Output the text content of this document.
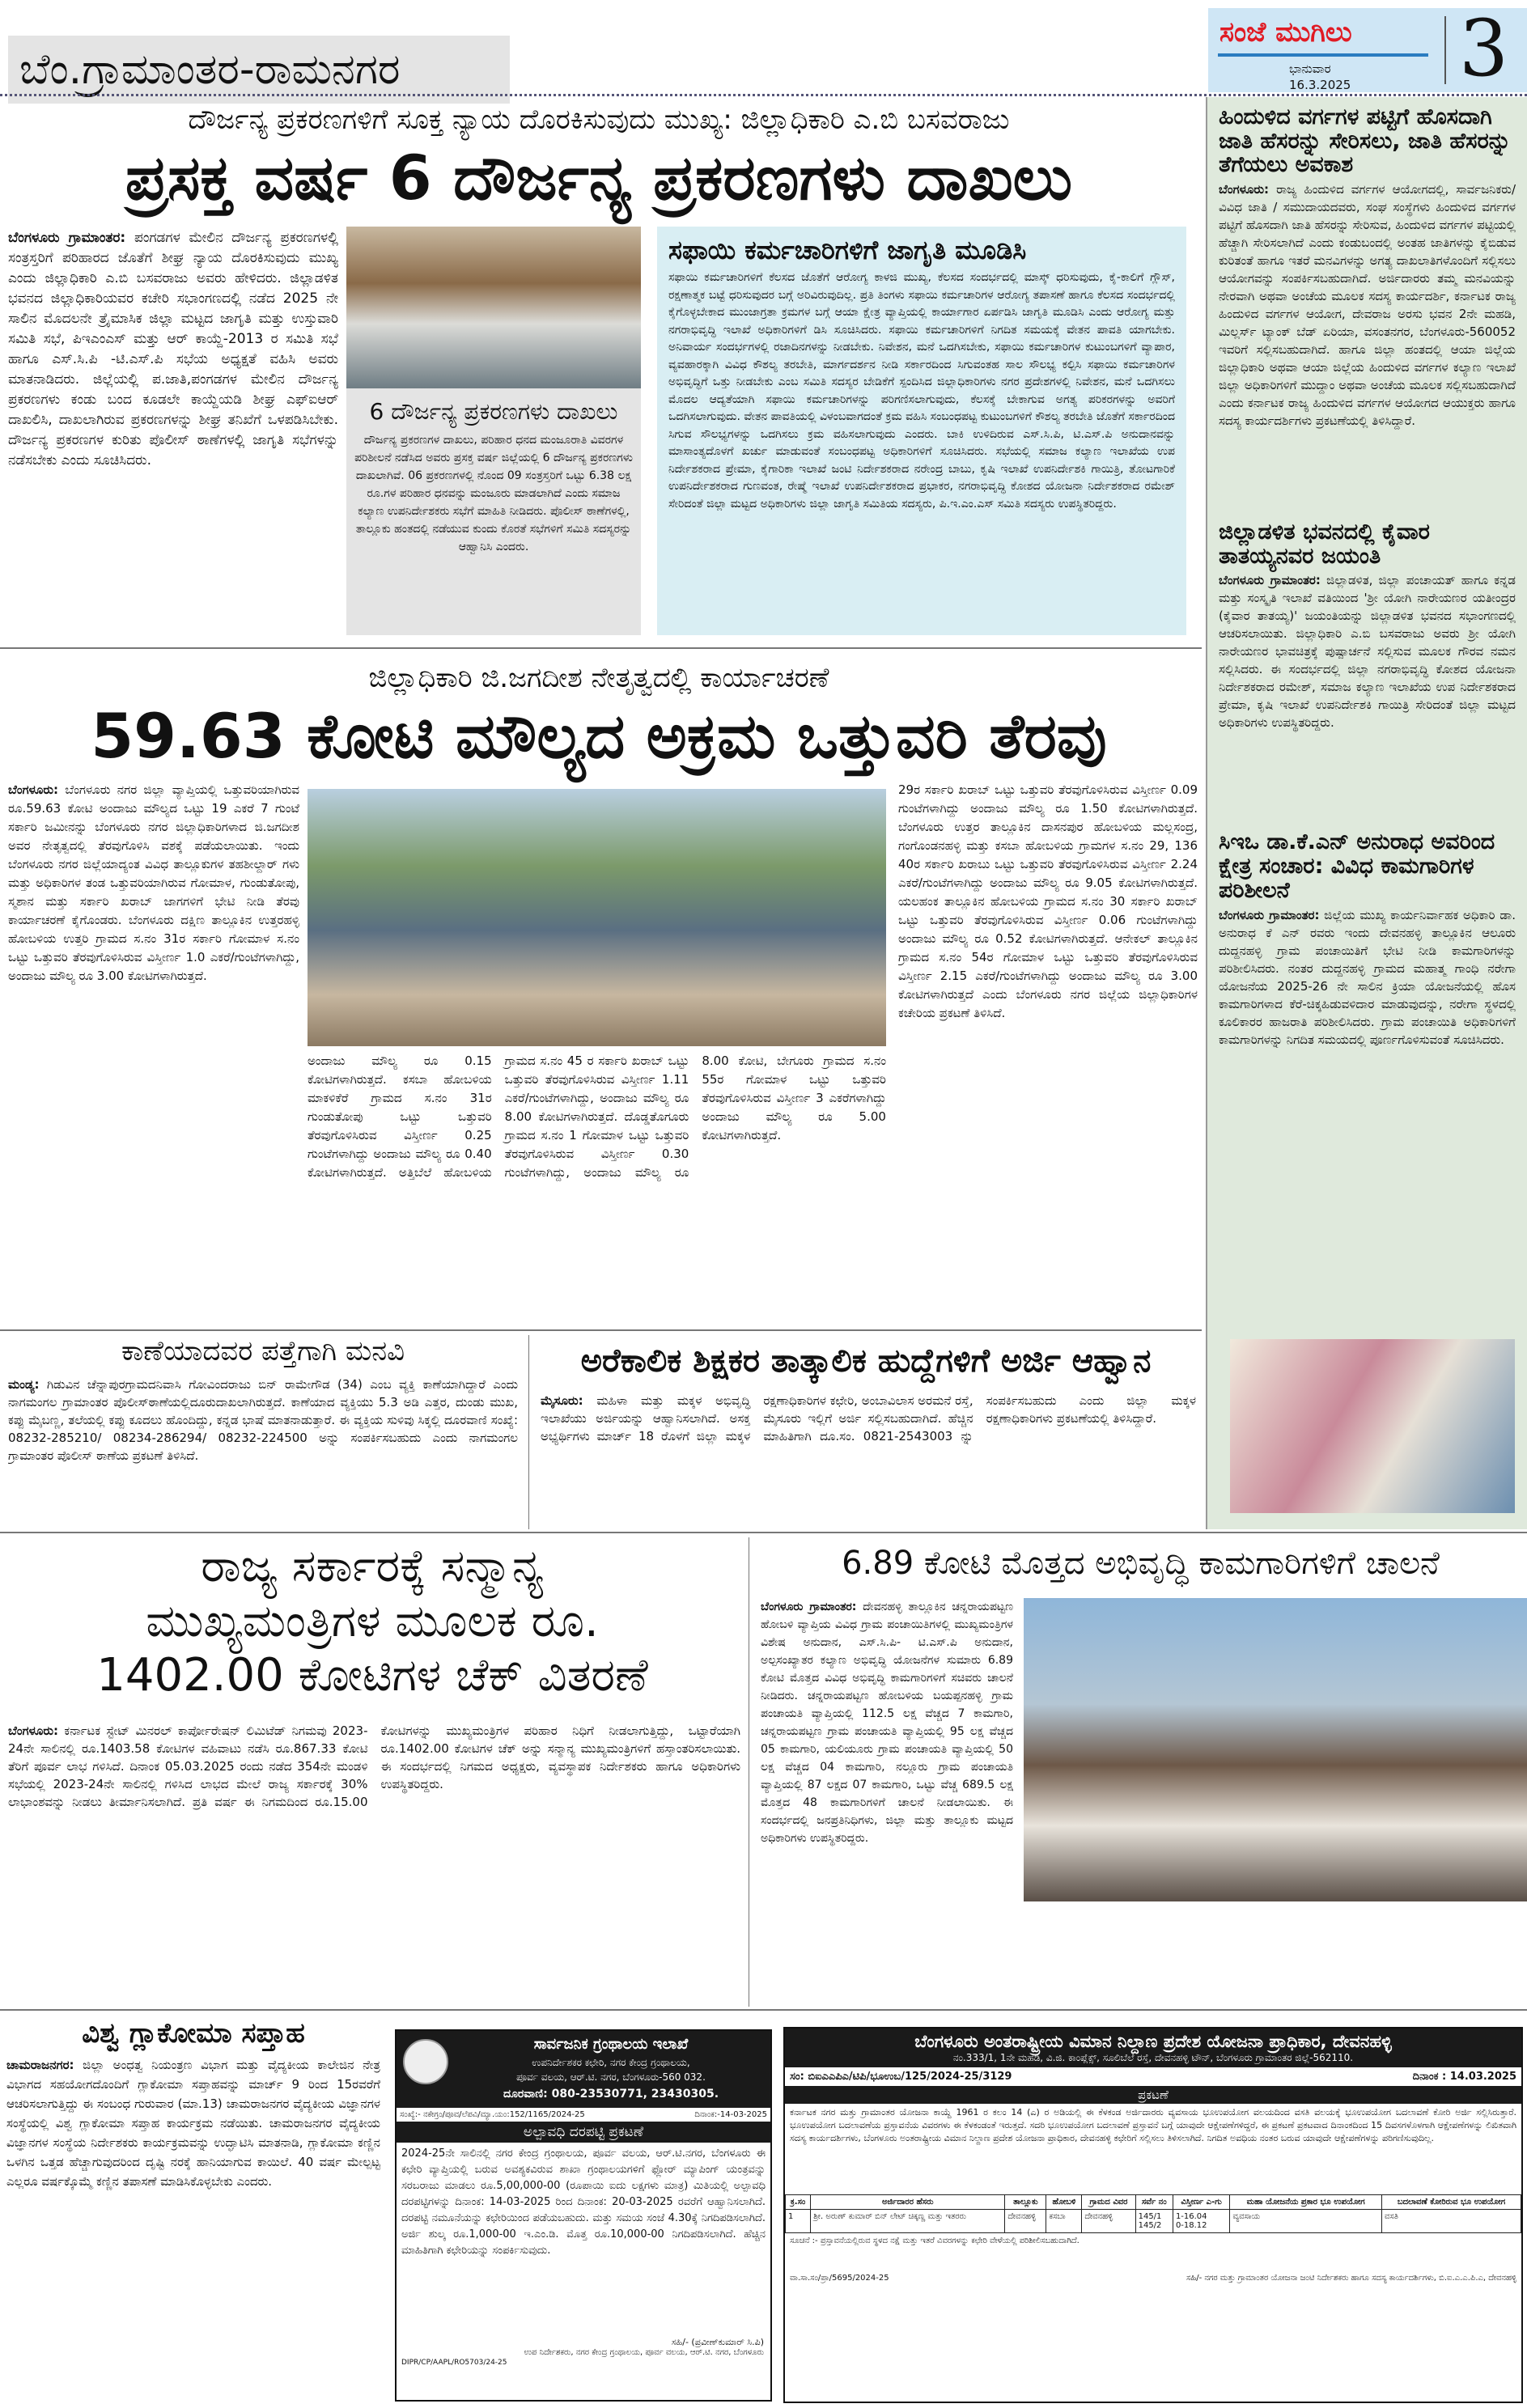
ಬೆಂ.ಗ್ರಾಮಾಂತರ-ರಾಮನಗರ
ಸಂಜೆ ಮುಗಿಲು
ಭಾನುವಾರ
16.3.2025 3
ಹಿಂದುಳಿದ ವರ್ಗಗಳ ಪಟ್ಟಿಗೆ ಹೊಸದಾಗಿ ಜಾತಿ ಹೆಸರನ್ನು ಸೇರಿಸಲು, ಜಾತಿ ಹೆಸರನ್ನು ತೆಗೆಯಲು ಅವಕಾಶ
ಬೆಂಗಳೂರು: ರಾಜ್ಯ ಹಿಂದುಳಿದ ವರ್ಗಗಳ ಆಯೋಗದಲ್ಲಿ, ಸಾರ್ವಜನಿಕರು/ ವಿವಿಧ ಜಾತಿ / ಸಮುದಾಯದವರು, ಸಂಘ ಸಂಸ್ಥೆಗಳು ಹಿಂದುಳಿದ ವರ್ಗಗಳ ಪಟ್ಟಿಗೆ ಹೊಸದಾಗಿ ಜಾತಿ ಹೆಸರನ್ನು ಸೇರಿಸುವ, ಹಿಂದುಳಿದ ವರ್ಗಗಳ ಪಟ್ಟಿಯಲ್ಲಿ ಹೆಚ್ಚಾಗಿ ಸೇರಿಸಲಾಗಿದೆ ಎಂದು ಕಂಡುಬಂದಲ್ಲಿ ಅಂತಹ ಜಾತಿಗಳನ್ನು ಕೈಬಿಡುವ ಕುರಿತಂತೆ ಹಾಗೂ ಇತರೆ ಮನವಿಗಳನ್ನು ಅಗತ್ಯ ದಾಖಲಾತಿಗಳೊಂದಿಗೆ ಸಲ್ಲಿಸಲು ಆಯೋಗವನ್ನು ಸಂಪರ್ಕಿಸಬಹುದಾಗಿದೆ. ಅರ್ಜಿದಾರರು ತಮ್ಮ ಮನವಿಯನ್ನು ನೇರವಾಗಿ ಅಥವಾ ಅಂಚೆಯ ಮೂಲಕ ಸದಸ್ಯ ಕಾರ್ಯದರ್ಶಿ, ಕರ್ನಾಟಕ ರಾಜ್ಯ ಹಿಂದುಳಿದ ವರ್ಗಗಳ ಆಯೋಗ, ದೇವರಾಜ ಅರಸು ಭವನ 2ನೇ ಮಹಡಿ, ಮಿಲ್ಲರ್ಸ್ ಟ್ಯಾಂಕ್ ಬೆಡ್ ಏರಿಯಾ, ವಸಂತನಗರ, ಬೆಂಗಳೂರು-560052 ಇವರಿಗೆ ಸಲ್ಲಿಸಬಹುದಾಗಿದೆ. ಹಾಗೂ ಜಿಲ್ಲಾ ಹಂತದಲ್ಲಿ ಆಯಾ ಜಿಲ್ಲೆಯ ಜಿಲ್ಲಾಧಿಕಾರಿ ಅಥವಾ ಆಯಾ ಜಿಲ್ಲೆಯ ಹಿಂದುಳಿದ ವರ್ಗಗಳ ಕಲ್ಯಾಣ ಇಲಾಖೆ ಜಿಲ್ಲಾ ಅಧಿಕಾರಿಗಳಿಗೆ ಮುದ್ದಾಂ ಅಥವಾ ಅಂಚೆಯ ಮೂಲಕ ಸಲ್ಲಿಸಬಹುದಾಗಿದೆ ಎಂದು ಕರ್ನಾಟಕ ರಾಜ್ಯ ಹಿಂದುಳಿದ ವರ್ಗಗಳ ಆಯೋಗದ ಆಯುಕ್ತರು ಹಾಗೂ ಸದಸ್ಯ ಕಾರ್ಯದರ್ಶಿಗಳು ಪ್ರಕಟಣೆಯಲ್ಲಿ ತಿಳಿಸಿದ್ದಾರೆ.
ಜಿಲ್ಲಾಡಳಿತ ಭವನದಲ್ಲಿ ಕೈವಾರ ತಾತಯ್ಯನವರ ಜಯಂತಿ
ಬೆಂಗಳೂರು ಗ್ರಾಮಾಂತರ: ಜಿಲ್ಲಾಡಳಿತ, ಜಿಲ್ಲಾ ಪಂಚಾಯತ್ ಹಾಗೂ ಕನ್ನಡ ಮತ್ತು ಸಂಸ್ಕೃತಿ ಇಲಾಖೆ ವತಿಯಿಂದ 'ಶ್ರೀ ಯೋಗಿ ನಾರೇಯಣರ ಯತೀಂದ್ರರ (ಕೈವಾರ ತಾತಯ್ಯ)' ಜಯಂತಿಯನ್ನು ಜಿಲ್ಲಾಡಳಿತ ಭವನದ ಸಭಾಂಗಣದಲ್ಲಿ ಆಚರಿಸಲಾಯಿತು. ಜಿಲ್ಲಾಧಿಕಾರಿ ಎ.ಬಿ ಬಸವರಾಜು ಅವರು ಶ್ರೀ ಯೋಗಿ ನಾರೇಯಣರ ಭಾವಚಿತ್ರಕ್ಕೆ ಪುಷ್ಪಾರ್ಚನೆ ಸಲ್ಲಿಸುವ ಮೂಲಕ ಗೌರವ ನಮನ ಸಲ್ಲಿಸಿದರು. ಈ ಸಂದರ್ಭದಲ್ಲಿ ಜಿಲ್ಲಾ ನಗರಾಭಿವೃದ್ಧಿ ಕೋಶದ ಯೋಜನಾ ನಿರ್ದೇಶಕರಾದ ರಮೇಶ್, ಸಮಾಜ ಕಲ್ಯಾಣ ಇಲಾಖೆಯ ಉಪ ನಿರ್ದೇಶಕರಾದ ಪ್ರೇಮಾ, ಕೃಷಿ ಇಲಾಖೆ ಉಪನಿರ್ದೇಶಕಿ ಗಾಯಿತ್ರಿ ಸೇರಿದಂತೆ ಜಿಲ್ಲಾ ಮಟ್ಟದ ಅಧಿಕಾರಿಗಳು ಉಪಸ್ಥಿತರಿದ್ದರು.
ಸಿಇಒ ಡಾ.ಕೆ.ಎನ್ ಅನುರಾಧ ಅವರಿಂದ ಕ್ಷೇತ್ರ ಸಂಚಾರ: ವಿವಿಧ ಕಾಮಗಾರಿಗಳ ಪರಿಶೀಲನೆ
ಬೆಂಗಳೂರು ಗ್ರಾಮಾಂತರ: ಜಿಲ್ಲೆಯ ಮುಖ್ಯ ಕಾರ್ಯನಿರ್ವಾಹಕ ಅಧಿಕಾರಿ ಡಾ. ಅನುರಾಧ ಕೆ ಎನ್ ರವರು ಇಂದು ದೇವನಹಳ್ಳಿ ತಾಲ್ಲೂಕಿನ ಆಲೂರು ದುದ್ದನಹಳ್ಳಿ ಗ್ರಾಮ ಪಂಚಾಯಿತಿಗೆ ಭೇಟಿ ನೀಡಿ ಕಾಮಗಾರಿಗಳನ್ನು ಪರಿಶೀಲಿಸಿದರು. ನಂತರ ದುದ್ದನಹಳ್ಳಿ ಗ್ರಾಮದ ಮಹಾತ್ಮ ಗಾಂಧಿ ನರೇಗಾ ಯೋಜನೆಯ 2025-26 ನೇ ಸಾಲಿನ ಕ್ರಿಯಾ ಯೋಜನೆಯಲ್ಲಿ ಹೊಸ ಕಾಮಗಾರಿಗಳಾದ ಕೆರೆ-ಚಿಕ್ಕಹಿಡುವಳಿದಾರ ಮಾಡುವುದನ್ನು, ನರೇಗಾ ಸ್ಥಳದಲ್ಲಿ ಕೂಲಿಕಾರರ ಹಾಜರಾತಿ ಪರಿಶೀಲಿಸಿದರು. ಗ್ರಾಮ ಪಂಚಾಯಿತಿ ಅಧಿಕಾರಿಗಳಿಗೆ ಕಾಮಗಾರಿಗಳನ್ನು ನಿಗದಿತ ಸಮಯದಲ್ಲಿ ಪೂರ್ಣಗೊಳಿಸುವಂತೆ ಸೂಚಿಸಿದರು.
ದೌರ್ಜನ್ಯ ಪ್ರಕರಣಗಳಿಗೆ ಸೂಕ್ತ ನ್ಯಾಯ ದೊರಕಿಸುವುದು ಮುಖ್ಯ: ಜಿಲ್ಲಾಧಿಕಾರಿ ಎ.ಬಿ ಬಸವರಾಜು
ಪ್ರಸಕ್ತ ವರ್ಷ 6 ದೌರ್ಜನ್ಯ ಪ್ರಕರಣಗಳು ದಾಖಲು
ಬೆಂಗಳೂರು ಗ್ರಾಮಾಂತರ: ಪಂಗಡಗಳ ಮೇಲಿನ ದೌರ್ಜನ್ಯ ಪ್ರಕರಣಗಳಲ್ಲಿ ಸಂತ್ರಸ್ತರಿಗೆ ಪರಿಹಾರದ ಜೊತೆಗೆ ಶೀಘ್ರ ನ್ಯಾಯ ದೊರಕಿಸುವುದು ಮುಖ್ಯ ಎಂದು ಜಿಲ್ಲಾಧಿಕಾರಿ ಎ.ಬಿ ಬಸವರಾಜು ಅವರು ಹೇಳಿದರು. ಜಿಲ್ಲಾಡಳಿತ ಭವನದ ಜಿಲ್ಲಾಧಿಕಾರಿಯವರ ಕಚೇರಿ ಸಭಾಂಗಣದಲ್ಲಿ ನಡೆದ 2025 ನೇ ಸಾಲಿನ ಮೊದಲನೇ ತ್ರೈಮಾಸಿಕ ಜಿಲ್ಲಾ ಮಟ್ಟದ ಜಾಗೃತಿ ಮತ್ತು ಉಸ್ತುವಾರಿ ಸಮಿತಿ ಸಭೆ, ಪಿಇಎಂಎಸ್ ಮತ್ತು ಆರ್ ಕಾಯ್ದೆ-2013 ರ ಸಮಿತಿ ಸಭೆ ಹಾಗೂ ಎಸ್.ಸಿ.ಪಿ -ಟಿ.ಎಸ್.ಪಿ ಸಭೆಯ ಅಧ್ಯಕ್ಷತೆ ವಹಿಸಿ ಅವರು ಮಾತನಾಡಿದರು. ಜಿಲ್ಲೆಯಲ್ಲಿ ಪ.ಜಾತಿ,ಪಂಗಡಗಳ ಮೇಲಿನ ದೌರ್ಜನ್ಯ ಪ್ರಕರಣಗಳು ಕಂಡು ಬಂದ ಕೂಡಲೇ ಕಾಯ್ದೆಯಡಿ ಶೀಘ್ರ ಎಫ್ಐಆರ್ ದಾಖಲಿಸಿ, ದಾಖಲಾಗಿರುವ ಪ್ರಕರಣಗಳನ್ನು ಶೀಘ್ರ ತನಿಖೆಗೆ ಒಳಪಡಿಸಿಬೇಕು. ದೌರ್ಜನ್ಯ ಪ್ರಕರಣಗಳ ಕುರಿತು ಪೊಲೀಸ್ ಠಾಣೆಗಳಲ್ಲಿ ಜಾಗೃತಿ ಸಭೆಗಳನ್ನು ನಡೆಸಬೇಕು ಎಂದು ಸೂಚಿಸಿದರು.
6 ದೌರ್ಜನ್ಯ ಪ್ರಕರಣಗಳು ದಾಖಲು
ದೌರ್ಜನ್ಯ ಪ್ರಕರಣಗಳ ದಾಖಲು, ಪರಿಹಾರ ಧನದ ಮಂಜೂರಾತಿ ವಿವರಗಳ ಪರಿಶೀಲನೆ ನಡೆಸಿದ ಅವರು ಪ್ರಸಕ್ತ ವರ್ಷ ಜಿಲ್ಲೆಯಲ್ಲಿ 6 ದೌರ್ಜನ್ಯ ಪ್ರಕರಣಗಳು ದಾಖಲಾಗಿವೆ. 06 ಪ್ರಕರಣಗಳಲ್ಲಿ ನೊಂದ 09 ಸಂತ್ರಸ್ತರಿಗೆ ಒಟ್ಟು 6.38 ಲಕ್ಷ ರೂ.ಗಳ ಪರಿಹಾರ ಧನವನ್ನು ಮಂಜೂರು ಮಾಡಲಾಗಿದೆ ಎಂದು ಸಮಾಜ ಕಲ್ಯಾಣ ಉಪನಿರ್ದೇಶಕರು ಸಭೆಗೆ ಮಾಹಿತಿ ನೀಡಿದರು. ಪೊಲೀಸ್ ಠಾಣೆಗಳಲ್ಲಿ, ತಾಲ್ಲೂಕು ಹಂತದಲ್ಲಿ ನಡೆಯುವ ಕುಂದು ಕೊರತೆ ಸಭೆಗಳಿಗೆ ಸಮಿತಿ ಸದಸ್ಯರನ್ನು ಆಹ್ವಾನಿಸಿ ಎಂದರು.
ಸಫಾಯಿ ಕರ್ಮಚಾರಿಗಳಿಗೆ ಜಾಗೃತಿ ಮೂಡಿಸಿ
ಸಫಾಯಿ ಕರ್ಮಚಾರಿಗಳಿಗೆ ಕೆಲಸದ ಜೊತೆಗೆ ಆರೋಗ್ಯ ಕಾಳಜಿ ಮುಖ್ಯ, ಕೆಲಸದ ಸಂದರ್ಭದಲ್ಲಿ ಮಾಸ್ಕ್ ಧರಿಸುವುದು, ಕೈ-ಕಾಲಿಗೆ ಗ್ಲೌಸ್, ರಕ್ಷಣಾತ್ಮಕ ಬಟ್ಟೆ ಧರಿಸುವುದರ ಬಗ್ಗೆ ಅರಿವಿರುವುದಿಲ್ಲ. ಪ್ರತಿ ತಿಂಗಳು ಸಫಾಯಿ ಕರ್ಮಚಾರಿಗಳ ಆರೋಗ್ಯ ತಪಾಸಣೆ ಹಾಗೂ ಕೆಲಸದ ಸಂದರ್ಭದಲ್ಲಿ ಕೈಗೊಳ್ಳಬೇಕಾದ ಮುಂಜಾಗ್ರತಾ ಕ್ರಮಗಳ ಬಗ್ಗೆ ಆಯಾ ಕ್ಷೇತ್ರ ವ್ಯಾಪ್ತಿಯಲ್ಲಿ ಕಾರ್ಯಾಗಾರ ಏರ್ಪಡಿಸಿ ಜಾಗೃತಿ ಮೂಡಿಸಿ ಎಂದು ಆರೋಗ್ಯ ಮತ್ತು ನಗರಾಭಿವೃದ್ಧಿ ಇಲಾಖೆ ಅಧಿಕಾರಿಗಳಿಗೆ ಡಿಸಿ ಸೂಚಿಸಿದರು. ಸಫಾಯಿ ಕರ್ಮಚಾರಿಗಳಿಗೆ ನಿಗದಿತ ಸಮಯಕ್ಕೆ ವೇತನ ಪಾವತಿ ಯಾಗಬೇಕು. ಅನಿವಾರ್ಯ ಸಂದರ್ಭಗಳಲ್ಲಿ ರಜಾದಿನಗಳನ್ನು ನೀಡಬೇಕು. ನಿವೇಶನ, ಮನೆ ಒದಗಿಸಬೇಕು, ಸಫಾಯಿ ಕರ್ಮಚಾರಿಗಳ ಕುಟುಂಬಗಳಿಗೆ ವ್ಯಾಪಾರ, ವ್ಯವಹಾರಕ್ಕಾಗಿ ವಿವಿಧ ಕೌಶಲ್ಯ ತರಬೇತಿ, ಮಾರ್ಗದರ್ಶನ ನೀಡಿ ಸರ್ಕಾರದಿಂದ ಸಿಗುವಂತಹ ಸಾಲ ಸೌಲಭ್ಯ ಕಲ್ಪಿಸಿ ಸಫಾಯಿ ಕರ್ಮಚಾರಿಗಳ ಅಭಿವೃದ್ಧಿಗೆ ಒತ್ತು ನೀಡಬೇಕು ಎಂಬ ಸಮಿತಿ ಸದಸ್ಯರ ಬೇಡಿಕೆಗೆ ಸ್ಪಂದಿಸಿದ ಜಿಲ್ಲಾಧಿಕಾರಿಗಳು ನಗರ ಪ್ರದೇಶಗಳಲ್ಲಿ ನಿವೇಶನ, ಮನೆ ಒದಗಿಸಲು ಮೊದಲ ಆದ್ಯತೆಯಾಗಿ ಸಫಾಯಿ ಕರ್ಮಚಾರಿಗಳನ್ನು ಪರಿಗಣಿಸಲಾಗುವುದು, ಕೆಲಸಕ್ಕೆ ಬೇಕಾಗುವ ಅಗತ್ಯ ಪರಿಕರಗಳನ್ನು ಅವರಿಗೆ ಒದಗಿಸಲಾಗುವುದು. ವೇತನ ಪಾವತಿಯಲ್ಲಿ ವಿಳಂಬವಾಗದಂತೆ ಕ್ರಮ ವಹಿಸಿ ಸಂಬಂಧಪಟ್ಟ ಕುಟುಂಬಗಳಿಗೆ ಕೌಶಲ್ಯ ತರಬೇತಿ ಜೊತೆಗೆ ಸರ್ಕಾರದಿಂದ ಸಿಗುವ ಸೌಲಭ್ಯಗಳನ್ನು ಒದಗಿಸಲು ಕ್ರಮ ವಹಿಸಲಾಗುವುದು ಎಂದರು. ಬಾಕಿ ಉಳಿದಿರುವ ಎಸ್.ಸಿ.ಪಿ, ಟಿ.ಎಸ್.ಪಿ ಅನುದಾನವನ್ನು ಮಾಸಾಂತ್ಯದೊಳಗೆ ಖರ್ಚು ಮಾಡುವಂತೆ ಸಂಬಂಧಪಟ್ಟ ಅಧಿಕಾರಿಗಳಿಗೆ ಸೂಚಿಸಿದರು. ಸಭೆಯಲ್ಲಿ ಸಮಾಜ ಕಲ್ಯಾಣ ಇಲಾಖೆಯ ಉಪ ನಿರ್ದೇಶಕರಾದ ಪ್ರೇಮಾ, ಕೈಗಾರಿಕಾ ಇಲಾಖೆ ಜಂಟಿ ನಿರ್ದೇಶಕರಾದ ನರೇಂದ್ರ ಬಾಬು, ಕೃಷಿ ಇಲಾಖೆ ಉಪನಿರ್ದೇಶಕಿ ಗಾಯಿತ್ರಿ, ತೋಟಗಾರಿಕೆ ಉಪನಿರ್ದೇಶಕರಾದ ಗುಣವಂತ, ರೇಷ್ಮೆ ಇಲಾಖೆ ಉಪನಿರ್ದೇಶಕರಾದ ಪ್ರಭಾಕರ, ನಗರಾಭಿವೃದ್ಧಿ ಕೋಶದ ಯೋಜನಾ ನಿರ್ದೇಶಕರಾದ ರಮೇಶ್ ಸೇರಿದಂತೆ ಜಿಲ್ಲಾ ಮಟ್ಟದ ಅಧಿಕಾರಿಗಳು ಜಿಲ್ಲಾ ಜಾಗೃತಿ ಸಮಿತಿಯ ಸದಸ್ಯರು, ಪಿ.ಇ.ಎಂ.ಎಸ್ ಸಮಿತಿ ಸದಸ್ಯರು ಉಪಸ್ಥಿತರಿದ್ದರು.
ಜಿಲ್ಲಾಧಿಕಾರಿ ಜಿ.ಜಗದೀಶ ನೇತೃತ್ವದಲ್ಲಿ ಕಾರ್ಯಾಚರಣೆ
59.63 ಕೋಟಿ ಮೌಲ್ಯದ ಅಕ್ರಮ ಒತ್ತುವರಿ ತೆರವು
ಬೆಂಗಳೂರು: ಬೆಂಗಳೂರು ನಗರ ಜಿಲ್ಲಾ ವ್ಯಾಪ್ತಿಯಲ್ಲಿ ಒತ್ತುವರಿಯಾಗಿರುವ ರೂ.59.63 ಕೋಟಿ ಅಂದಾಜು ಮೌಲ್ಯದ ಒಟ್ಟು 19 ಎಕರೆ 7 ಗುಂಟೆ ಸರ್ಕಾರಿ ಜಮೀನನ್ನು ಬೆಂಗಳೂರು ನಗರ ಜಿಲ್ಲಾಧಿಕಾರಿಗಳಾದ ಜಿ.ಜಗದೀಶ ಅವರ ನೇತೃತ್ವದಲ್ಲಿ ತೆರವುಗೊಳಿಸಿ ವಶಕ್ಕೆ ಪಡೆಯಲಾಯಿತು. ಇಂದು ಬೆಂಗಳೂರು ನಗರ ಜಿಲ್ಲೆಯಾದ್ಯಂತ ವಿವಿಧ ತಾಲ್ಲೂಕುಗಳ ತಹಶೀಲ್ದಾರ್ ಗಳು ಮತ್ತು ಅಧಿಕಾರಿಗಳ ತಂಡ ಒತ್ತುವರಿಯಾಗಿರುವ ಗೋಮಾಳ, ಗುಂಡುತೋಪು, ಸ್ಮಶಾನ ಮತ್ತು ಸರ್ಕಾರಿ ಖರಾಬ್ ಜಾಗಗಳಿಗೆ ಭೇಟಿ ನೀಡಿ ತೆರವು ಕಾರ್ಯಾಚರಣೆ ಕೈಗೊಂಡರು. ಬೆಂಗಳೂರು ದಕ್ಷಿಣ ತಾಲ್ಲೂಕಿನ ಉತ್ತರಹಳ್ಳಿ ಹೋಬಳಿಯ ಉತ್ತರಿ ಗ್ರಾಮದ ಸ.ನಂ 31ರ ಸರ್ಕಾರಿ ಗೋಮಾಳ ಸ.ನಂ ಒಟ್ಟು ಒತ್ತುವರಿ ತೆರವುಗೊಳಿಸಿರುವ ವಿಸ್ತೀರ್ಣ 1.0 ಎಕರೆ/ಗುಂಟೆಗಳಾಗಿದ್ದು, ಅಂದಾಜು ಮೌಲ್ಯ ರೂ 3.00 ಕೋಟಿಗಳಾಗಿರುತ್ತದೆ.
ಅಂದಾಜು ಮೌಲ್ಯ ರೂ 0.15 ಕೋಟಿಗಳಾಗಿರುತ್ತದೆ. ಕಸಬಾ ಹೋಬಳಿಯ ಮಾಕಳಿಕೆರೆ ಗ್ರಾಮದ ಸ.ನಂ 31ರ ಗುಂಡುತೋಪು ಒಟ್ಟು ಒತ್ತುವರಿ ತೆರವುಗೊಳಿಸಿರುವ ವಿಸ್ತೀರ್ಣ 0.25 ಗುಂಟೆಗಳಾಗಿದ್ದು ಅಂದಾಜು ಮೌಲ್ಯ ರೂ 0.40 ಕೋಟಿಗಳಾಗಿರುತ್ತದೆ. ಅತ್ತಿಬೆಲೆ ಹೋಬಳಿಯ ಗ್ರಾಮದ ಸ.ನಂ 45 ರ ಸರ್ಕಾರಿ ಖರಾಬ್ ಒಟ್ಟು ಒತ್ತುವರಿ ತೆರವುಗೊಳಿಸಿರುವ ವಿಸ್ತೀರ್ಣ 1.11 ಎಕರೆ/ಗುಂಟೆಗಳಾಗಿದ್ದು, ಅಂದಾಜು ಮೌಲ್ಯ ರೂ 8.00 ಕೋಟಿಗಳಾಗಿರುತ್ತದೆ. ದೊಡ್ಡತೊಗೂರು ಗ್ರಾಮದ ಸ.ನಂ 1 ಗೋಮಾಳ ಒಟ್ಟು ಒತ್ತುವರಿ ತೆರವುಗೊಳಿಸಿರುವ ವಿಸ್ತೀರ್ಣ 0.30 ಗುಂಟೆಗಳಾಗಿದ್ದು, ಅಂದಾಜು ಮೌಲ್ಯ ರೂ 8.00 ಕೋಟಿ, ಬೇಗೂರು ಗ್ರಾಮದ ಸ.ನಂ 55ರ ಗೋಮಾಳ ಒಟ್ಟು ಒತ್ತುವರಿ ತೆರವುಗೊಳಿಸಿರುವ ವಿಸ್ತೀರ್ಣ 3 ಎಕರೆಗಳಾಗಿದ್ದು ಅಂದಾಜು ಮೌಲ್ಯ ರೂ 5.00 ಕೋಟಿಗಳಾಗಿರುತ್ತದೆ.
29ರ ಸರ್ಕಾರಿ ಖರಾಬ್ ಒಟ್ಟು ಒತ್ತುವರಿ ತೆರವುಗೊಳಿಸಿರುವ ವಿಸ್ತೀರ್ಣ 0.09 ಗುಂಟೆಗಳಾಗಿದ್ದು ಅಂದಾಜು ಮೌಲ್ಯ ರೂ 1.50 ಕೋಟಿಗಳಾಗಿರುತ್ತದೆ. ಬೆಂಗಳೂರು ಉತ್ತರ ತಾಲ್ಲೂಕಿನ ದಾಸನಪುರ ಹೋಬಳಿಯ ಮಲ್ಲಸಂದ್ರ, ಗಂಗೊಂಡನಹಳ್ಳಿ ಮತ್ತು ಕಸಬಾ ಹೋಬಳಿಯ ಗ್ರಾಮಗಳ ಸ.ನಂ 29, 136 40ರ ಸರ್ಕಾರಿ ಖರಾಬು ಒಟ್ಟು ಒತ್ತುವರಿ ತೆರವುಗೊಳಿಸಿರುವ ವಿಸ್ತೀರ್ಣ 2.24 ಎಕರೆ/ಗುಂಟೆಗಳಾಗಿದ್ದು ಅಂದಾಜು ಮೌಲ್ಯ ರೂ 9.05 ಕೋಟಿಗಳಾಗಿರುತ್ತದೆ. ಯಲಹಂಕ ತಾಲ್ಲೂಕಿನ ಹೋಬಳಿಯ ಗ್ರಾಮದ ಸ.ನಂ 30 ಸರ್ಕಾರಿ ಖರಾಬ್ ಒಟ್ಟು ಒತ್ತುವರಿ ತೆರವುಗೊಳಿಸಿರುವ ವಿಸ್ತೀರ್ಣ 0.06 ಗುಂಟೆಗಳಾಗಿದ್ದು ಅಂದಾಜು ಮೌಲ್ಯ ರೂ 0.52 ಕೋಟಿಗಳಾಗಿರುತ್ತದೆ. ಆನೇಕಲ್ ತಾಲ್ಲೂಕಿನ ಗ್ರಾಮದ ಸ.ನಂ 54ರ ಗೋಮಾಳ ಒಟ್ಟು ಒತ್ತುವರಿ ತೆರವುಗೊಳಿಸಿರುವ ವಿಸ್ತೀರ್ಣ 2.15 ಎಕರೆ/ಗುಂಟೆಗಳಾಗಿದ್ದು ಅಂದಾಜು ಮೌಲ್ಯ ರೂ 3.00 ಕೋಟಿಗಳಾಗಿರುತ್ತದೆ ಎಂದು ಬೆಂಗಳೂರು ನಗರ ಜಿಲ್ಲೆಯ ಜಿಲ್ಲಾಧಿಕಾರಿಗಳ ಕಚೇರಿಯ ಪ್ರಕಟಣೆ ತಿಳಿಸಿದೆ.
ಕಾಣೆಯಾದವರ ಪತ್ತೆಗಾಗಿ ಮನವಿ
ಮಂಡ್ಯ: ಗಿಡುವಿನ ಚೆನ್ನಾಪುರಗ್ರಾಮದನಿವಾಸಿ ಗೋವಿಂದರಾಜು ಬಿನ್ ರಾಮೇಗೌಡ (34) ಎಂಬ ವ್ಯಕ್ತಿ ಕಾಣೆಯಾಗಿದ್ದಾರೆ ಎಂದು ನಾಗಮಂಗಲ ಗ್ರಾಮಾಂತರ ಪೊಲೀಸ್‌ಠಾಣೆಯಲ್ಲಿದೂರುದಾಖಲಾಗಿರುತ್ತದೆ. ಕಾಣೆಯಾದ ವ್ಯಕ್ತಿಯು 5.3 ಅಡಿ ಎತ್ತರ, ದುಂಡು ಮುಖ, ಕಪ್ಪು ಮೈಬಣ್ಣ, ತಲೆಯಲ್ಲಿ ಕಪ್ಪು ಕೂದಲು ಹೊಂದಿದ್ದು, ಕನ್ನಡ ಭಾಷೆ ಮಾತನಾಡುತ್ತಾರೆ. ಈ ವ್ಯಕ್ತಿಯ ಸುಳಿವು ಸಿಕ್ಕಲ್ಲಿ ದೂರವಾಣಿ ಸಂಖ್ಯೆ: 08232-285210/ 08234-286294/ 08232-224500 ಅನ್ನು ಸಂಪರ್ಕಿಸಬಹುದು ಎಂದು ನಾಗಮಂಗಲ ಗ್ರಾಮಾಂತರ ಪೊಲೀಸ್ ಠಾಣೆಯ ಪ್ರಕಟಣೆ ತಿಳಿಸಿದೆ.
ಅರೆಕಾಲಿಕ ಶಿಕ್ಷಕರ ತಾತ್ಕಾಲಿಕ ಹುದ್ದೆಗಳಿಗೆ ಅರ್ಜಿ ಆಹ್ವಾನ
ಮೈಸೂರು: ಮಹಿಳಾ ಮತ್ತು ಮಕ್ಕಳ ಅಭಿವೃದ್ಧಿ ಇಲಾಖೆಯು ಅರ್ಜಿಯನ್ನು ಆಹ್ವಾನಿಸಲಾಗಿದೆ. ಅಸಕ್ತ ಅಭ್ಯರ್ಥಿಗಳು ಮಾರ್ಚ್ 18 ರೊಳಗೆ ಜಿಲ್ಲಾ ಮಕ್ಕಳ ರಕ್ಷಣಾಧಿಕಾರಿಗಳ ಕಛೇರಿ, ಅಂಬಾವಿಲಾಸ ಅರಮನೆ ರಸ್ತೆ, ಮೈಸೂರು ಇಲ್ಲಿಗೆ ಅರ್ಜಿ ಸಲ್ಲಿಸಬಹುದಾಗಿದೆ. ಹೆಚ್ಚಿನ ಮಾಹಿತಿಗಾಗಿ ದೂ.ಸಂ. 0821-2543003 ನ್ನು ಸಂಪರ್ಕಿಸಬಹುದು ಎಂದು ಜಿಲ್ಲಾ ಮಕ್ಕಳ ರಕ್ಷಣಾಧಿಕಾರಿಗಳು ಪ್ರಕಟಣೆಯಲ್ಲಿ ತಿಳಿಸಿದ್ದಾರೆ.
ರಾಜ್ಯ ಸರ್ಕಾರಕ್ಕೆ ಸನ್ಮಾನ್ಯ
ಮುಖ್ಯಮಂತ್ರಿಗಳ ಮೂಲಕ ರೂ.
1402.00 ಕೋಟಿಗಳ ಚೆಕ್ ವಿತರಣೆ
ಬೆಂಗಳೂರು: ಕರ್ನಾಟಕ ಸ್ಟೇಟ್ ಮಿನರಲ್ ಕಾರ್ಪೋರೇಷನ್ ಲಿಮಿಟೆಡ್ ನಿಗಮವು 2023-24ನೇ ಸಾಲಿನಲ್ಲಿ ರೂ.1403.58 ಕೋಟಿಗಳ ವಹಿವಾಟು ನಡೆಸಿ ರೂ.867.33 ಕೋಟಿ ತೆರಿಗೆ ಪೂರ್ವ ಲಾಭ ಗಳಿಸಿದೆ. ದಿನಾಂಕ 05.03.2025 ರಂದು ನಡೆದ 354ನೇ ಮಂಡಳಿ ಸಭೆಯಲ್ಲಿ 2023-24ನೇ ಸಾಲಿನಲ್ಲಿ ಗಳಿಸಿದ ಲಾಭದ ಮೇಲೆ ರಾಜ್ಯ ಸರ್ಕಾರಕ್ಕೆ 30% ಲಾಭಾಂಶವನ್ನು ನೀಡಲು ತೀರ್ಮಾನಿಸಲಾಗಿದೆ. ಪ್ರತಿ ವರ್ಷ ಈ ನಿಗಮದಿಂದ ರೂ.15.00 ಕೋಟಿಗಳನ್ನು ಮುಖ್ಯಮಂತ್ರಿಗಳ ಪರಿಹಾರ ನಿಧಿಗೆ ನೀಡಲಾಗುತ್ತಿದ್ದು, ಒಟ್ಟಾರೆಯಾಗಿ ರೂ.1402.00 ಕೋಟಿಗಳ ಚೆಕ್ ಅನ್ನು ಸನ್ಮಾನ್ಯ ಮುಖ್ಯಮಂತ್ರಿಗಳಿಗೆ ಹಸ್ತಾಂತರಿಸಲಾಯಿತು. ಈ ಸಂದರ್ಭದಲ್ಲಿ ನಿಗಮದ ಅಧ್ಯಕ್ಷರು, ವ್ಯವಸ್ಥಾಪಕ ನಿರ್ದೇಶಕರು ಹಾಗೂ ಅಧಿಕಾರಿಗಳು ಉಪಸ್ಥಿತರಿದ್ದರು.
6.89 ಕೋಟಿ ಮೊತ್ತದ ಅಭಿವೃದ್ಧಿ ಕಾಮಗಾರಿಗಳಿಗೆ ಚಾಲನೆ
ಬೆಂಗಳೂರು ಗ್ರಾಮಾಂತರ: ದೇವನಹಳ್ಳಿ ತಾಲ್ಲೂಕಿನ ಚನ್ನರಾಯಪಟ್ಟಣ ಹೋಬಳಿ ವ್ಯಾಪ್ತಿಯ ವಿವಿಧ ಗ್ರಾಮ ಪಂಚಾಯಿತಿಗಳಲ್ಲಿ ಮುಖ್ಯಮಂತ್ರಿಗಳ ವಿಶೇಷ ಅನುದಾನ, ಎಸ್.ಸಿ.ಪಿ- ಟಿ.ಎಸ್.ಪಿ ಅನುದಾನ, ಅಲ್ಪಸಂಖ್ಯಾತರ ಕಲ್ಯಾಣ ಅಭಿವೃದ್ಧಿ ಯೋಜನೆಗಳ ಸುಮಾರು 6.89 ಕೋಟಿ ಮೊತ್ತದ ವಿವಿಧ ಅಭಿವೃದ್ಧಿ ಕಾಮಗಾರಿಗಳಿಗೆ ಸಚಿವರು ಚಾಲನೆ ನೀಡಿದರು. ಚನ್ನರಾಯಪಟ್ಟಣ ಹೋಬಳಿಯ ಬಯಪ್ಪನಹಳ್ಳಿ ಗ್ರಾಮ ಪಂಚಾಯತಿ ವ್ಯಾಪ್ತಿಯಲ್ಲಿ 112.5 ಲಕ್ಷ ವೆಚ್ಚದ 7 ಕಾಮಗಾರಿ, ಚನ್ನರಾಯಪಟ್ಟಣ ಗ್ರಾಮ ಪಂಚಾಯತಿ ವ್ಯಾಪ್ತಿಯಲ್ಲಿ 95 ಲಕ್ಷ ವೆಚ್ಚದ 05 ಕಾಮಗಾರಿ, ಯಲಿಯೂರು ಗ್ರಾಮ ಪಂಚಾಯತಿ ವ್ಯಾಪ್ತಿಯಲ್ಲಿ 50 ಲಕ್ಷ ವೆಚ್ಚದ 04 ಕಾಮಗಾರಿ, ನಲ್ಲೂರು ಗ್ರಾಮ ಪಂಚಾಯತಿ ವ್ಯಾಪ್ತಿಯಲ್ಲಿ 87 ಲಕ್ಷದ 07 ಕಾಮಗಾರಿ, ಒಟ್ಟು ವೆಚ್ಚ 689.5 ಲಕ್ಷ ಮೊತ್ತದ 48 ಕಾಮಗಾರಿಗಳಿಗೆ ಚಾಲನೆ ನೀಡಲಾಯಿತು. ಈ ಸಂದರ್ಭದಲ್ಲಿ ಜನಪ್ರತಿನಿಧಿಗಳು, ಜಿಲ್ಲಾ ಮತ್ತು ತಾಲ್ಲೂಕು ಮಟ್ಟದ ಅಧಿಕಾರಿಗಳು ಉಪಸ್ಥಿತರಿದ್ದರು.
ವಿಶ್ವ ಗ್ಲಾಕೋಮಾ ಸಪ್ತಾಹ
ಚಾಮರಾಜನಗರ: ಜಿಲ್ಲಾ ಅಂಧತ್ವ ನಿಯಂತ್ರಣ ವಿಭಾಗ ಮತ್ತು ವೈದ್ಯಕೀಯ ಕಾಲೇಜಿನ ನೇತ್ರ ವಿಭಾಗದ ಸಹಯೋಗದೊಂದಿಗೆ ಗ್ಲಾಕೋಮಾ ಸಪ್ತಾಹವನ್ನು ಮಾರ್ಚ್ 9 ರಿಂದ 15ರವರೆಗೆ ಆಚರಿಸಲಾಗುತ್ತಿದ್ದು ಈ ಸಂಬಂಧ ಗುರುವಾರ (ಮಾ.13) ಚಾಮರಾಜನಗರ ವೈದ್ಯಕೀಯ ವಿಜ್ಞಾನಗಳ ಸಂಸ್ಥೆಯಲ್ಲಿ ವಿಶ್ವ ಗ್ಲಾಕೋಮಾ ಸಪ್ತಾಹ ಕಾರ್ಯಕ್ರಮ ನಡೆಯಿತು. ಚಾಮರಾಜನಗರ ವೈದ್ಯಕೀಯ ವಿಜ್ಞಾನಗಳ ಸಂಸ್ಥೆಯ ನಿರ್ದೇಶಕರು ಕಾರ್ಯಕ್ರಮವನ್ನು ಉದ್ಘಾಟಿಸಿ ಮಾತನಾಡಿ, ಗ್ಲಾಕೋಮಾ ಕಣ್ಣಿನ ಒಳಗಿನ ಒತ್ತಡ ಹೆಚ್ಚಾಗುವುದರಿಂದ ದೃಷ್ಟಿ ನರಕ್ಕೆ ಹಾನಿಯಾಗುವ ಕಾಯಿಲೆ. 40 ವರ್ಷ ಮೇಲ್ಪಟ್ಟ ಎಲ್ಲರೂ ವರ್ಷಕ್ಕೊಮ್ಮೆ ಕಣ್ಣಿನ ತಪಾಸಣೆ ಮಾಡಿಸಿಕೊಳ್ಳಬೇಕು ಎಂದರು.
ಸಾರ್ವಜನಿಕ ಗ್ರಂಥಾಲಯ ಇಲಾಖೆ
ಉಪನಿರ್ದೇಶಕರ ಕಛೇರಿ, ನಗರ ಕೇಂದ್ರ ಗ್ರಂಥಾಲಯ,
ಪೂರ್ವ ವಲಯ, ಆರ್.ಟಿ. ನಗರ, ಬೆಂಗಳೂರು-560 032.
ದೂರವಾಣಿ: 080-23530771, 23430305.
ಸಂಖ್ಯೆ:- ನಕೇಗ್ರಂ/ಪೂವ/ಲೆಪವಿ/ಮ್ಯಾ.ಯಂ:152/1165/2024-25	ದಿನಾಂಕ:-14-03-2025
ಅಲ್ಪಾವಧಿ ದರಪಟ್ಟಿ ಪ್ರಕಟಣೆ
2024-25ನೇ ಸಾಲಿನಲ್ಲಿ ನಗರ ಕೇಂದ್ರ ಗ್ರಂಥಾಲಯ, ಪೂರ್ವ ವಲಯ, ಆರ್.ಟಿ.ನಗರ, ಬೆಂಗಳೂರು ಈ ಕಛೇರಿ ವ್ಯಾಪ್ತಿಯಲ್ಲಿ ಬರುವ ಅವಶ್ಯಕವಿರುವ ಶಾಖಾ ಗ್ರಂಥಾಲಯಗಳಿಗೆ ಫ್ಲೋರ್ ಮ್ಯಾಪಿಂಗ್ ಯಂತ್ರವನ್ನು ಸರಬರಾಜು ಮಾಡಲು ರೂ.5,00,000-00 (ರೂಪಾಯಿ ಐದು ಲಕ್ಷಗಳು ಮಾತ್ರ) ಮಿತಿಯಲ್ಲಿ ಅಲ್ಪಾವಧಿ ದರಪಟ್ಟಿಗಳನ್ನು ದಿನಾಂಕ: 14-03-2025 ರಿಂದ ದಿನಾಂಕ: 20-03-2025 ರವರೆಗೆ ಆಹ್ವಾನಿಸಲಾಗಿದೆ. ದರಪಟ್ಟಿ ನಮೂನೆಯನ್ನು ಕಛೇರಿಯಿಂದ ಪಡೆಯಬಹುದು. ಮತ್ತು ಸಮಯ ಸಂಜೆ 4.30ಕ್ಕೆ ನಿಗದಿಪಡಿಸಲಾಗಿದೆ. ಅರ್ಜಿ ಶುಲ್ಕ ರೂ.1,000-00 ಇ.ಎಂ.ಡಿ. ಮೊತ್ತ ರೂ.10,000-00 ನಿಗದಿಪಡಿಸಲಾಗಿದೆ. ಹೆಚ್ಚಿನ ಮಾಹಿತಿಗಾಗಿ ಕಛೇರಿಯನ್ನು ಸಂಪರ್ಕಿಸುವುದು.
ಸಹಿ/- (ಪ್ರವೀಣ್‌ಕುಮಾರ್ ಸಿ.ಪಿ)
ಉಪ ನಿರ್ದೇಶಕರು, ನಗರ ಕೇಂದ್ರ ಗ್ರಂಥಾಲಯ, ಪೂರ್ವ ವಲಯ, ಆರ್.ಟಿ. ನಗರ, ಬೆಂಗಳೂರು
DIPR/CP/AAPL/RO5703/24-25
ಬೆಂಗಳೂರು ಅಂತರಾಷ್ಟ್ರೀಯ ವಿಮಾನ ನಿಲ್ದಾಣ ಪ್ರದೇಶ ಯೋಜನಾ ಪ್ರಾಧಿಕಾರ, ದೇವನಹಳ್ಳಿ
ನಂ.333/1, 1ನೇ ಮಹಡಿ, ವಿ.ಜಿ. ಕಾಂಪ್ಲೆಕ್ಸ್, ಸೂಲಿಬೆಲೆ ರಸ್ತೆ, ದೇವನಹಳ್ಳಿ ಟೌನ್, ಬೆಂಗಳೂರು ಗ್ರಾಮಾಂತರ ಜಿಲ್ಲೆ-562110.
ಸಂ: ಬಿಐಎಎಪಿಎ/ಟಿಪಿ/ಭೂಉಬ/125/2024-25/3129	ದಿನಾಂಕ : 14.03.2025
ಪ್ರಕಟಣೆ
ಕರ್ನಾಟಕ ನಗರ ಮತ್ತು ಗ್ರಾಮಾಂತರ ಯೋಜನಾ ಕಾಯ್ದೆ 1961 ರ ಕಲಂ 14 (ಎ) ರ ಅಡಿಯಲ್ಲಿ ಈ ಕೆಳಕಂಡ ಅರ್ಜಿದಾರರು ವ್ಯವಸಾಯ ಭೂಉಪಯೋಗ ವಲಯದಿಂದ ವಸತಿ ವಲಯಕ್ಕೆ ಭೂಉಪಯೋಗ ಬದಲಾವಣೆ ಕೋರಿ ಅರ್ಜಿ ಸಲ್ಲಿಸಿರುತ್ತಾರೆ. ಭೂಉಪಯೋಗ ಬದಲಾವಣೆಯ ಪ್ರಸ್ತಾವನೆಯ ವಿವರಗಳು ಈ ಕೆಳಕಂಡಂತೆ ಇರುತ್ತದೆ. ಸದರಿ ಭೂಉಪಯೋಗ ಬದಲಾವಣೆ ಪ್ರಸ್ತಾವನೆ ಬಗ್ಗೆ ಯಾವುದೇ ಆಕ್ಷೇಪಣೆಗಳಿದ್ದರೆ, ಈ ಪ್ರಕಟಣೆ ಪ್ರಕಟವಾದ ದಿನಾಂಕದಿಂದ 15 ದಿವಸಗಳೊಳಗಾಗಿ ಆಕ್ಷೇಪಣೆಗಳನ್ನು ಲಿಖಿತವಾಗಿ ಸದಸ್ಯ ಕಾರ್ಯದರ್ಶಿಗಳು, ಬೆಂಗಳೂರು ಅಂತರಾಷ್ಟ್ರೀಯ ವಿಮಾನ ನಿಲ್ದಾಣ ಪ್ರದೇಶ ಯೋಜನಾ ಪ್ರಾಧಿಕಾರ, ದೇವನಹಳ್ಳಿ ಕಛೇರಿಗೆ ಸಲ್ಲಿಸಲು ತಿಳಿಸಲಾಗಿದೆ. ನಿಗದಿತ ಅವಧಿಯ ನಂತರ ಬರುವ ಯಾವುದೇ ಆಕ್ಷೇಪಣೆಗಳನ್ನು ಪರಿಗಣಿಸುವುದಿಲ್ಲ.
ಕ್ರ.ಸಂ	ಅರ್ಜಿದಾರರ ಹೆಸರು	ತಾಲ್ಲೂಕು	ಹೋಬಳಿ	ಗ್ರಾಮದ ವಿವರ	ಸರ್ವೆ ನಂ	ವಿಸ್ತೀರ್ಣ ಎ-ಗು	ಮಹಾ ಯೋಜನೆಯ ಪ್ರಕಾರ ಭೂ ಉಪಯೋಗ	ಬದಲಾವಣೆ ಕೋರಿರುವ ಭೂ ಉಪಯೋಗ
1	ಶ್ರೀ. ಅರುಣ್ ಕುಮಾರ್ ಬಿನ್ ಲೇಟ್ ಚಿಕ್ಕಣ್ಣ ಮತ್ತು ಇತರರು	ದೇವನಹಳ್ಳಿ	ಕಸಬಾ	ದೇವನಹಳ್ಳಿ	145/1
145/2	1-16.04
0-18.12	ವ್ಯವಸಾಯ	ವಸತಿ
ಸೂಚನೆ :- ಪ್ರಸ್ತಾವನೆಯಲ್ಲಿರುವ ಸ್ಥಳದ ನಕ್ಷೆ ಮತ್ತು ಇತರೆ ವಿವರಗಳನ್ನು ಕಛೇರಿ ವೇಳೆಯಲ್ಲಿ ಪರಿಶೀಲಿಸಬಹುದಾಗಿದೆ.
ವಾ.ಸಾ.ಸಂ/ಪ್ರಾ/5695/2024-25	ಸಹಿ/- ನಗರ ಮತ್ತು ಗ್ರಾಮಾಂತರ ಯೋಜನಾ ಜಂಟಿ ನಿರ್ದೇಶಕರು ಹಾಗೂ ಸದಸ್ಯ ಕಾರ್ಯದರ್ಶಿಗಳು, ಬಿ.ಐ.ಎ.ಎ.ಪಿ.ಎ, ದೇವನಹಳ್ಳಿ
